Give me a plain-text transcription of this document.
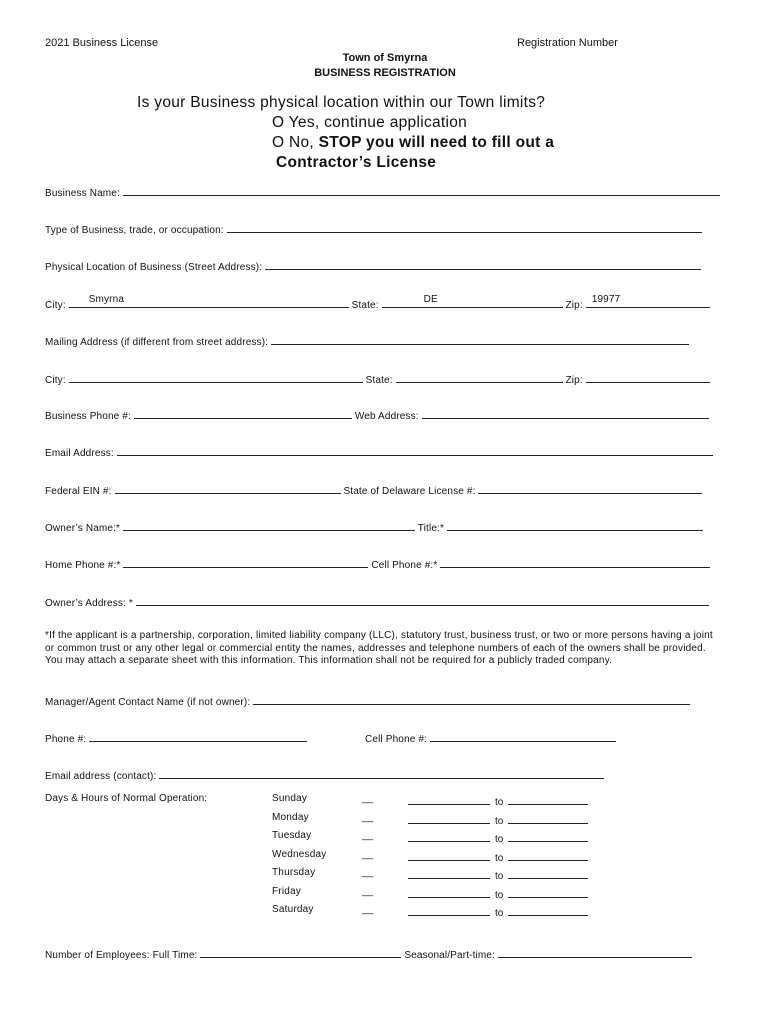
2021 Business License	Registration Number
Town of Smyrna
BUSINESS REGISTRATION
Is your Business physical location within our Town limits?
O Yes, continue application
O No, STOP you will need to fill out a
Contractor’s License
Business Name:
Type of Business, trade, or occupation:
Physical Location of Business (Street Address):
City:
Smyrna
State:
DE
Zip:
19977
Mailing Address (if different from street address):
City:	State:	Zip:
Business Phone #:	Web Address:
Email Address:
Federal EIN #:	State of Delaware License #:
Owner’s Name:*	Title:*
Home Phone #:*	Cell Phone #:*
Owner’s Address: *
*If the applicant is a partnership, corporation, limited liability company (LLC), statutory trust, business trust, or two or more persons having a joint or common trust or any other legal or commercial entity the names, addresses and telephone numbers of each of the owners shall be provided. You may attach a separate sheet with this information. This information shall not be required for a publicly traded company.
Manager/Agent Contact Name (if not owner):
Phone #:	Cell Phone #:
Email address (contact):
Days & Hours of Normal Operation:	Sunday	__	to
Monday	__	to
Tuesday	__	to
Wednesday	__	to
Thursday	__	to
Friday	__	to
Saturday	__	to
Number of Employees: Full Time:	Seasonal/Part-time:
